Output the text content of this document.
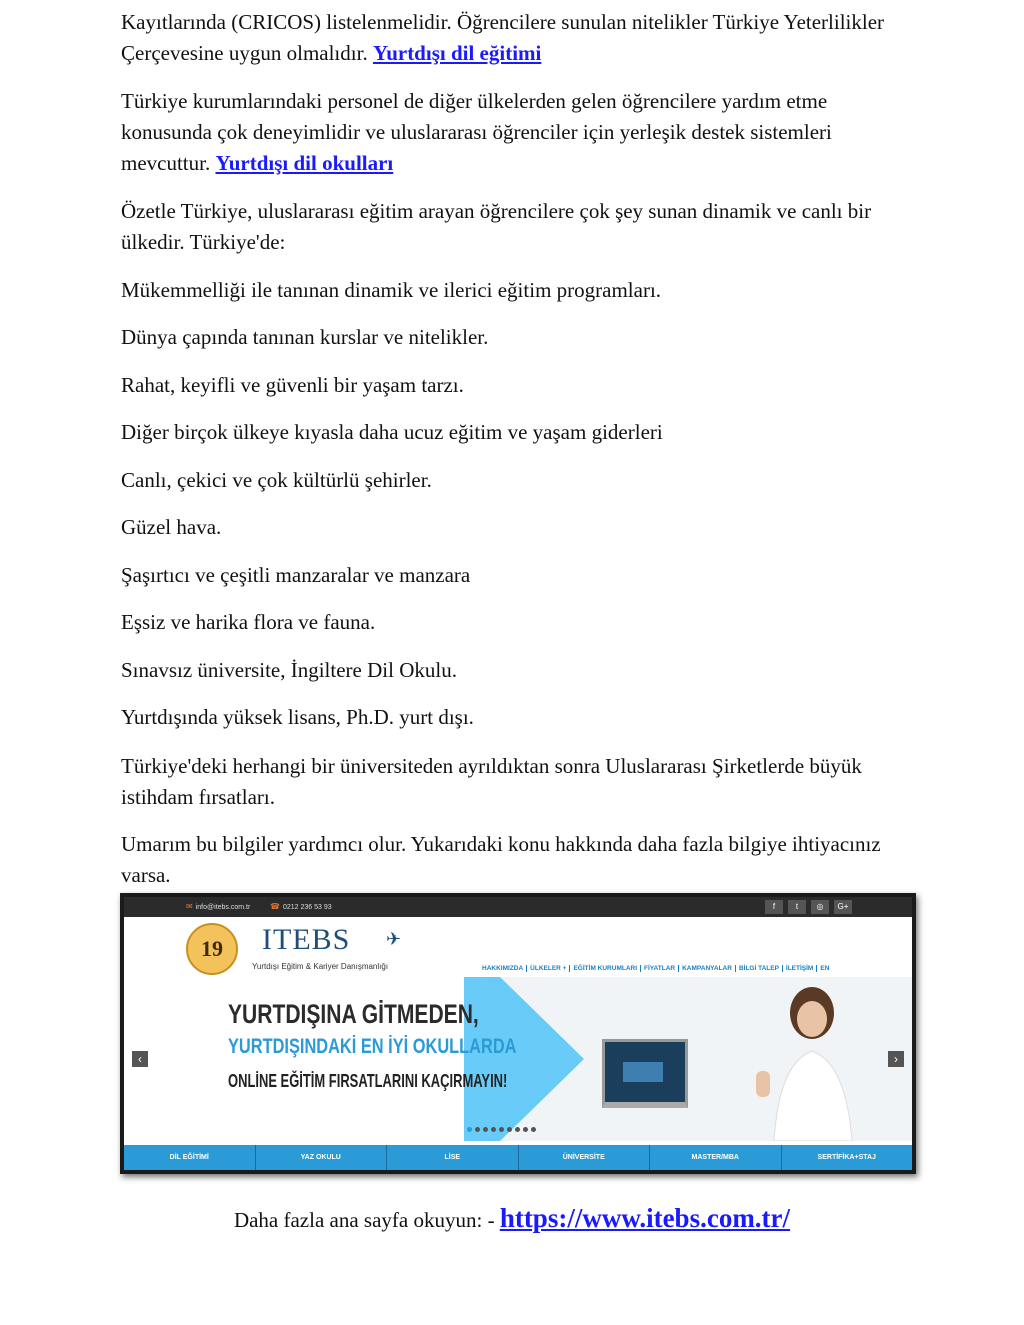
Kayıtlarında (CRICOS) listelenmelidir. Öğrencilere sunulan nitelikler Türkiye Yeterlilikler Çerçevesine uygun olmalıdır. Yurtdışı dil eğitimi

Türkiye kurumlarındaki personel de diğer ülkelerden gelen öğrencilere yardım etme konusunda çok deneyimlidir ve uluslararası öğrenciler için yerleşik destek sistemleri mevcuttur. Yurtdışı dil okulları

Özetle Türkiye, uluslararası eğitim arayan öğrencilere çok şey sunan dinamik ve canlı bir ülkedir. Türkiye'de:

Mükemmelliği ile tanınan dinamik ve ilerici eğitim programları.

Dünya çapında tanınan kurslar ve nitelikler.

Rahat, keyifli ve güvenli bir yaşam tarzı.

Diğer birçok ülkeye kıyasla daha ucuz eğitim ve yaşam giderleri

Canlı, çekici ve çok kültürlü şehirler.

Güzel hava.

Şaşırtıcı ve çeşitli manzaralar ve manzara

Eşsiz ve harika flora ve fauna.

Sınavsız üniversite, İngiltere Dil Okulu.

Yurtdışında yüksek lisans, Ph.D. yurt dışı.

Türkiye'deki herhangi bir üniversiteden ayrıldıktan sonra Uluslararası Şirketlerde büyük istihdam fırsatları.

Umarım bu bilgiler yardımcı olur. Yukarıdaki konu hakkında daha fazla bilgiye ihtiyacınız varsa.

✉ info@itebs.com.tr ☎ 0212 236 53 93	f	t	◎	G+
19	ITEBS ✈
Yurtdışı Eğitim & Kariyer Danışmanlığı	HAKKIMIZDA	ÜLKELER +	EĞİTİM KURUMLARI	FİYATLAR	KAMPANYALAR	BİLGİ TALEP	İLETİŞİM	EN
YURTDIŞINA GİTMEDEN,
YURTDIŞINDAKİ EN İYİ OKULLARDA
ONLİNE EĞİTİM FIRSATLARINI KAÇIRMAYIN!
‹	›
DİL EĞİTİMİ	YAZ OKULU	LİSE	ÜNİVERSİTE	MASTER/MBA	SERTİFİKA+STAJ
Daha fazla ana sayfa okuyun: - https://www.itebs.com.tr/
